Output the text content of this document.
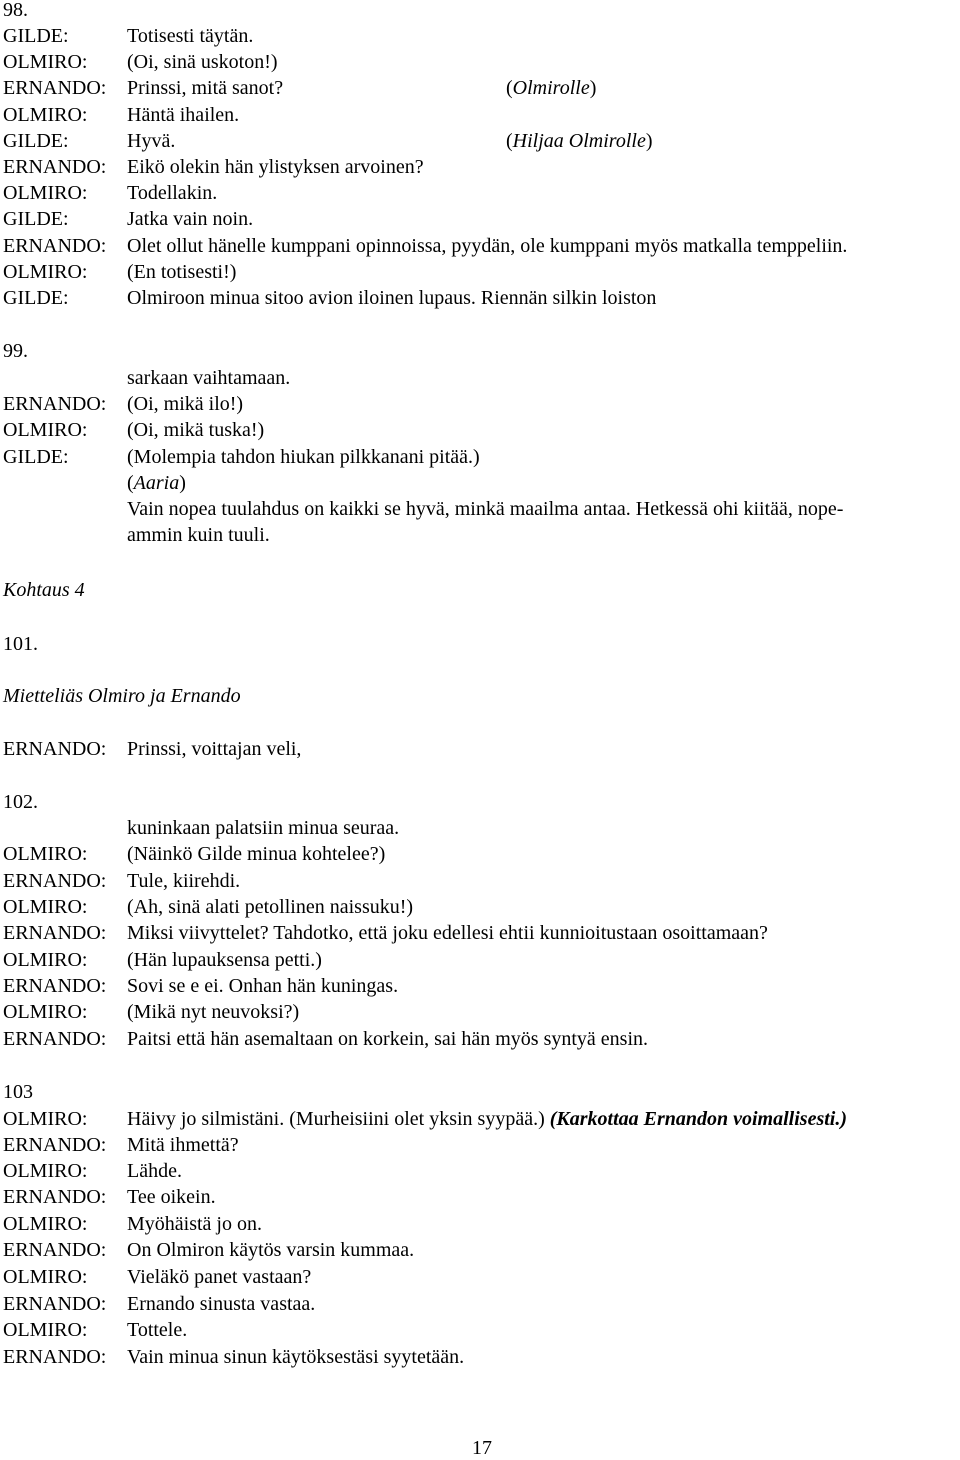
98.
GILDE:	Totisesti täytän.
OLMIRO: (Oi, sinä uskoton!)
ERNANDO: Prinssi, mitä sanot?	(Olmirolle)
OLMIRO: Häntä ihailen.
GILDE:	Hyvä.	(Hiljaa Olmirolle)
ERNANDO: Eikö olekin hän ylistyksen arvoinen?
OLMIRO: Todellakin.
GILDE:	Jatka vain noin.
ERNANDO: Olet ollut hänelle kumppani opinnoissa, pyydän, ole kumppani myös matkalla temppeliin.
OLMIRO: (En totisesti!)
GILDE:	Olmiroon minua sitoo avion iloinen lupaus. Riennän silkin loiston
99.
sarkaan vaihtamaan.
ERNANDO: (Oi, mikä ilo!)
OLMIRO: (Oi, mikä tuska!)
GILDE:	(Molempia tahdon hiukan pilkkanani pitää.)
(Aaria)
Vain nopea tuulahdus on kaikki se hyvä, minkä maailma antaa. Hetkessä ohi kiitää, nope-
ammin kuin tuuli.
Kohtaus 4
101.
Mietteliäs Olmiro ja Ernando
ERNANDO: Prinssi, voittajan veli,
102.
kuninkaan palatsiin minua seuraa.
OLMIRO: (Näinkö Gilde minua kohtelee?)
ERNANDO: Tule, kiirehdi.
OLMIRO: (Ah, sinä alati petollinen naissuku!)
ERNANDO: Miksi viivyttelet? Tahdotko, että joku edellesi ehtii kunnioitustaan osoittamaan?
OLMIRO: (Hän lupauksensa petti.)
ERNANDO: Sovi se e ei. Onhan hän kuningas.
OLMIRO: (Mikä nyt neuvoksi?)
ERNANDO: Paitsi että hän asemaltaan on korkein, sai hän myös syntyä ensin.
103
OLMIRO: Häivy jo silmistäni. (Murheisiini olet yksin syypää.) (Karkottaa Ernandon voimallisesti.)
ERNANDO: Mitä ihmettä?
OLMIRO: Lähde.
ERNANDO: Tee oikein.
OLMIRO: Myöhäistä jo on.
ERNANDO: On Olmiron käytös varsin kummaa.
OLMIRO: Vieläkö panet vastaan?
ERNANDO: Ernando sinusta vastaa.
OLMIRO: Tottele.
ERNANDO: Vain minua sinun käytöksestäsi syytetään.
17
